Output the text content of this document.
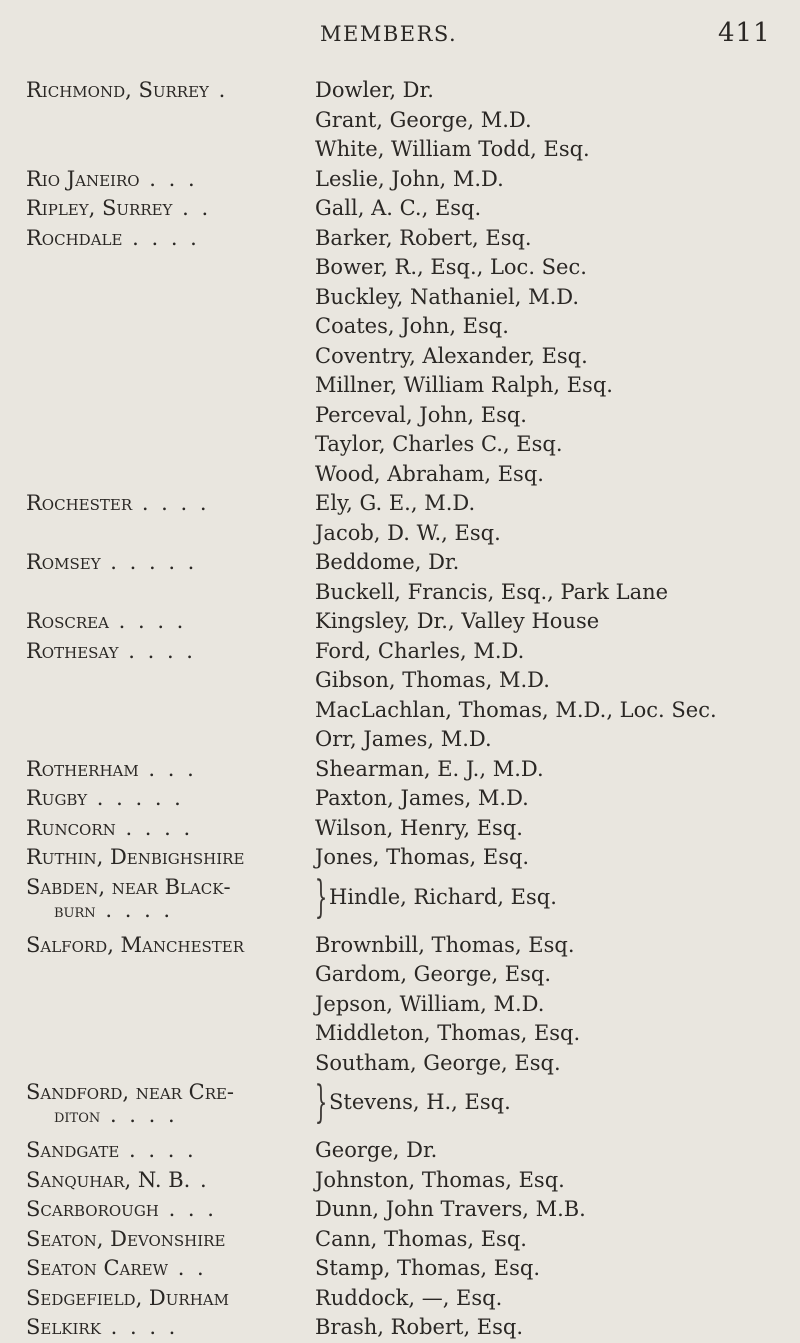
MEMBERS.	411
Richmond, Surrey .	Dowler, Dr.
Grant, George, M.D.
White, William Todd, Esq.
Rio Janeiro . . .	Leslie, John, M.D.
Ripley, Surrey . .	Gall, A. C., Esq.
Rochdale . . . .	Barker, Robert, Esq.
Bower, R., Esq., Loc. Sec.
Buckley, Nathaniel, M.D.
Coates, John, Esq.
Coventry, Alexander, Esq.
Millner, William Ralph, Esq.
Perceval, John, Esq.
Taylor, Charles C., Esq.
Wood, Abraham, Esq.
Rochester . . . .	Ely, G. E., M.D.
Jacob, D. W., Esq.
Romsey . . . . .	Beddome, Dr.
Buckell, Francis, Esq., Park Lane
Roscrea . . . .	Kingsley, Dr., Valley House
Rothesay . . . .	Ford, Charles, M.D.
Gibson, Thomas, M.D.
MacLachlan, Thomas, M.D., Loc. Sec.
Orr, James, M.D.
Rotherham . . .	Shearman, E. J., M.D.
Rugby . . . . .	Paxton, James, M.D.
Runcorn . . . .	Wilson, Henry, Esq.
Ruthin, Denbighshire	Jones, Thomas, Esq.
Sabden, near Black-
burn . . . .	} Hindle, Richard, Esq.
Salford, Manchester	Brownbill, Thomas, Esq.
Gardom, George, Esq.
Jepson, William, M.D.
Middleton, Thomas, Esq.
Southam, George, Esq.
Sandford, near Cre-
diton . . . .	} Stevens, H., Esq.
Sandgate . . . .	George, Dr.
Sanquhar, N. B. .	Johnston, Thomas, Esq.
Scarborough . . .	Dunn, John Travers, M.B.
Seaton, Devonshire	Cann, Thomas, Esq.
Seaton Carew . .	Stamp, Thomas, Esq.
Sedgefield, Durham	Ruddock, —, Esq.
Selkirk . . . .	Brash, Robert, Esq.
